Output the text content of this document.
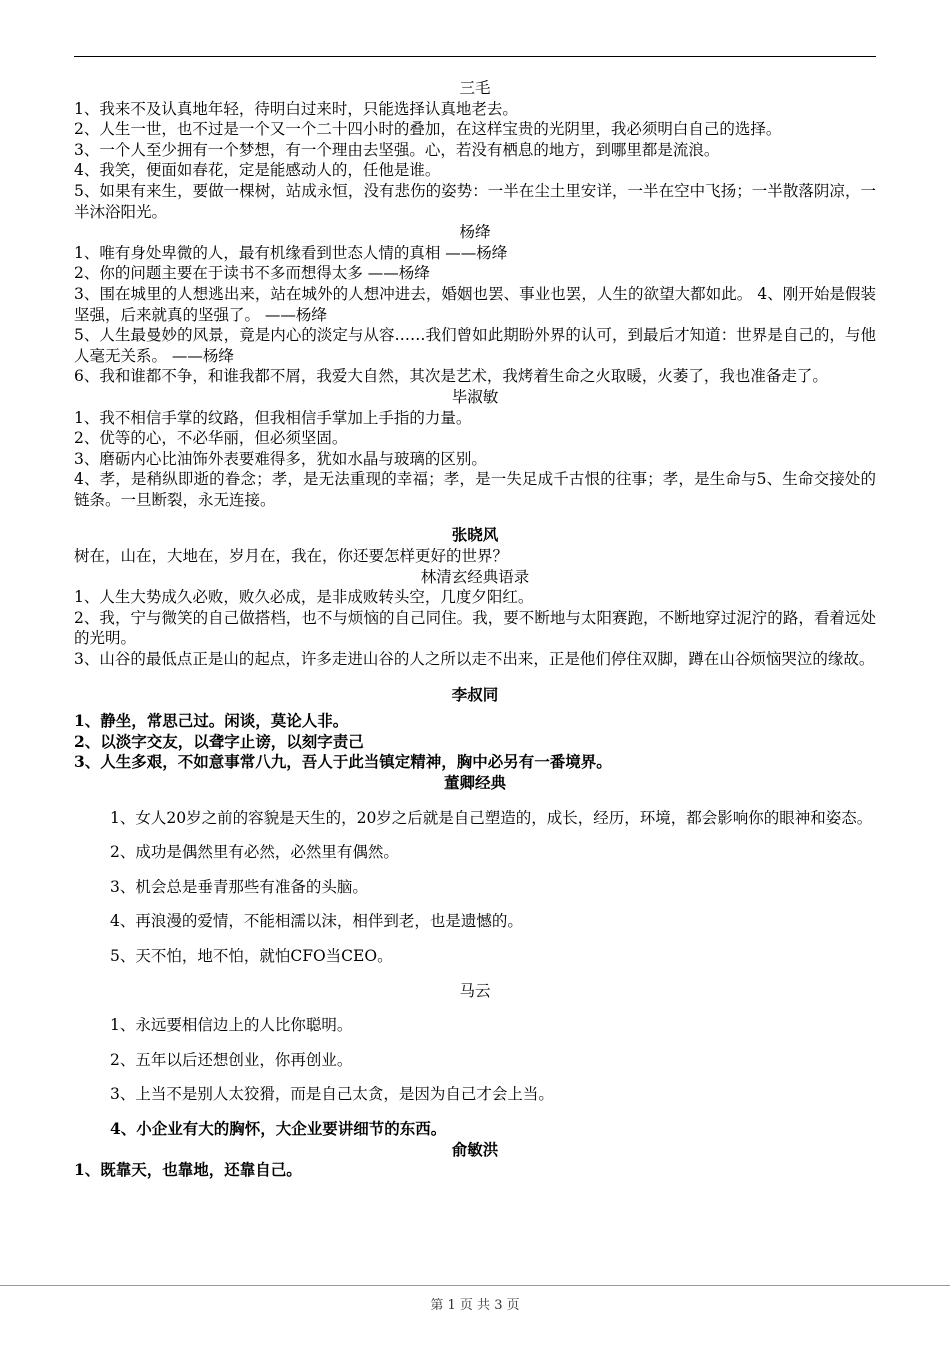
三毛

1、我来不及认真地年轻，待明白过来时，只能选择认真地老去。

2、人生一世，也不过是一个又一个二十四小时的叠加，在这样宝贵的光阴里，我必须明白自己的选择。

3、一个人至少拥有一个梦想，有一个理由去坚强。心，若没有栖息的地方，到哪里都是流浪。

4、我笑，便面如春花，定是能感动人的，任他是谁。

5、如果有来生，要做一棵树，站成永恒，没有悲伤的姿势：一半在尘土里安详，一半在空中飞扬；一半散落阴凉，一半沐浴阳光。

杨绛

1、唯有身处卑微的人，最有机缘看到世态人情的真相 ——杨绛

2、你的问题主要在于读书不多而想得太多 ——杨绛

3、围在城里的人想逃出来，站在城外的人想冲进去，婚姻也罢、事业也罢，人生的欲望大都如此。 4、刚开始是假装坚强，后来就真的坚强了。 ——杨绛

5、人生最曼妙的风景，竟是内心的淡定与从容……我们曾如此期盼外界的认可，到最后才知道：世界是自己的，与他人毫无关系。 ——杨绛

6、我和谁都不争，和谁我都不屑，我爱大自然，其次是艺术，我烤着生命之火取暖，火萎了，我也准备走了。

毕淑敏

1、我不相信手掌的纹路，但我相信手掌加上手指的力量。

2、优等的心，不必华丽，但必须坚固。

3、磨砺内心比油饰外表要难得多，犹如水晶与玻璃的区别。

4、孝，是稍纵即逝的眷念；孝，是无法重现的幸福；孝，是一失足成千古恨的往事；孝，是生命与5、生命交接处的链条。一旦断裂，永无连接。

张晓风

树在，山在，大地在，岁月在，我在，你还要怎样更好的世界？

林清玄经典语录

1、人生大势成久必败，败久必成，是非成败转头空，几度夕阳红。

2、我，宁与微笑的自己做搭档，也不与烦恼的自己同住。我，要不断地与太阳赛跑，不断地穿过泥泞的路，看着远处的光明。

3、山谷的最低点正是山的起点，许多走进山谷的人之所以走不出来，正是他们停住双脚，蹲在山谷烦恼哭泣的缘故。

李叔同

1、静坐，常思己过。闲谈，莫论人非。

2、以淡字交友，以聋字止谤，以刻字责己

3、人生多艰，不如意事常八九，吾人于此当镇定精神，胸中必另有一番境界。

董卿经典

1、女人20岁之前的容貌是天生的，20岁之后就是自己塑造的，成长，经历，环境，都会影响你的眼神和姿态。

2、成功是偶然里有必然，必然里有偶然。

3、机会总是垂青那些有准备的头脑。

4、再浪漫的爱情，不能相濡以沫，相伴到老，也是遗憾的。

5、天不怕，地不怕，就怕CFO当CEO。

马云

1、永远要相信边上的人比你聪明。

2、五年以后还想创业，你再创业。

3、上当不是别人太狡猾，而是自己太贪，是因为自己才会上当。

4、小企业有大的胸怀，大企业要讲细节的东西。

俞敏洪

1、既靠天，也靠地，还靠自己。

第 1 页 共 3 页
